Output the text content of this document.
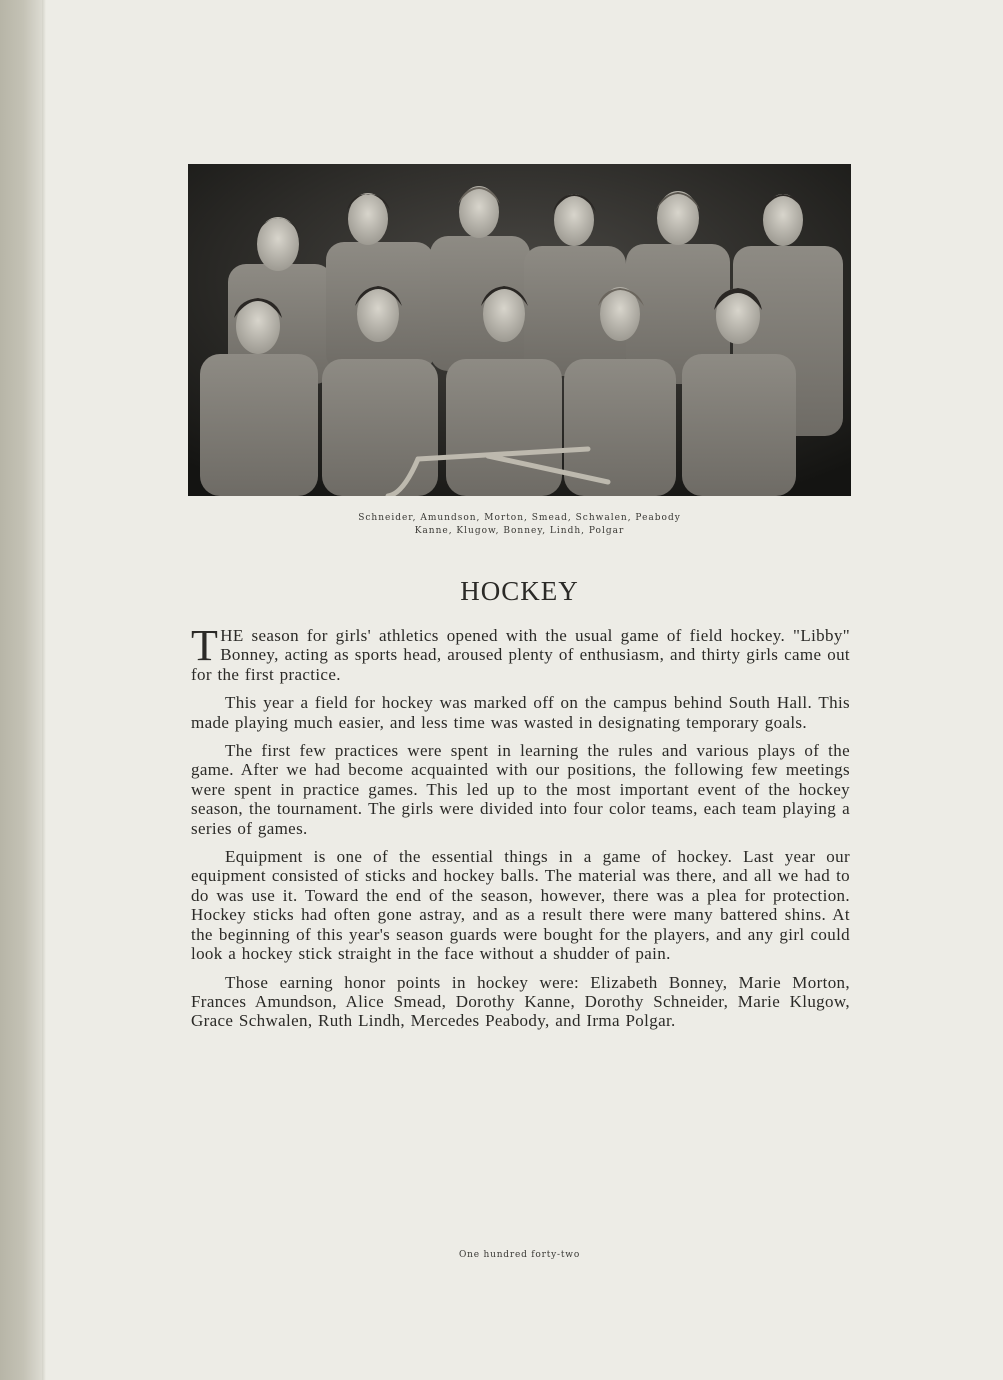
Schneider, Amundson, Morton, Smead, Schwalen, Peabody
Kanne, Klugow, Bonney, Lindh, Polgar
HOCKEY

THE season for girls' athletics opened with the usual game of field hockey. "Libby" Bonney, acting as sports head, aroused plenty of enthusiasm, and thirty girls came out for the first practice.

This year a field for hockey was marked off on the campus behind South Hall. This made playing much easier, and less time was wasted in designating temporary goals.

The first few practices were spent in learning the rules and various plays of the game. After we had become acquainted with our positions, the following few meetings were spent in practice games. This led up to the most important event of the hockey season, the tournament. The girls were divided into four color teams, each team playing a series of games.

Equipment is one of the essential things in a game of hockey. Last year our equipment consisted of sticks and hockey balls. The material was there, and all we had to do was use it. Toward the end of the season, however, there was a plea for protection. Hockey sticks had often gone astray, and as a result there were many battered shins. At the beginning of this year's season guards were bought for the players, and any girl could look a hockey stick straight in the face without a shudder of pain.

Those earning honor points in hockey were: Elizabeth Bonney, Marie Morton, Frances Amundson, Alice Smead, Dorothy Kanne, Dorothy Schneider, Marie Klugow, Grace Schwalen, Ruth Lindh, Mercedes Peabody, and Irma Polgar.

One hundred forty-two
